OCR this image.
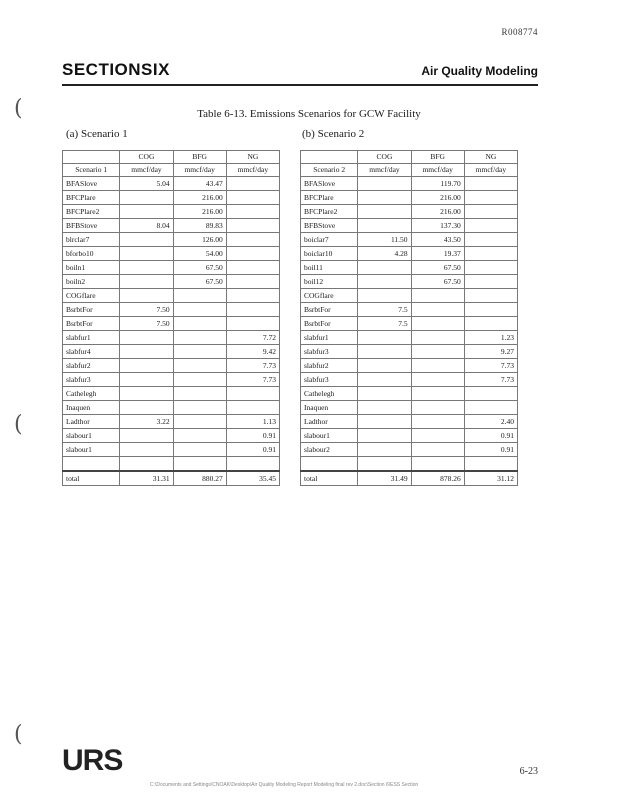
R008774
SECTIONSIX	Air Quality Modeling
(
(
(
Table 6-13. Emissions Scenarios for GCW Facility
(a) Scenario 1	(b) Scenario 2
	COG	BFG	NG
Scenario 1	mmcf/day	mmcf/day	mmcf/day
BFASlove	5.04	43.47	
BFCPlare		216.00	
BFCPlare2		216.00	
BFBStove	8.04	89.83	
blrclar7		126.00	
bforbo10		54.00	
boiln1		67.50	
boiln2		67.50	
COGflare			
BsrbtFor	7.50		
BsrbtFor	7.50		
slabfur1			7.72
slabfur4			9.42
slabfur2			7.73
slabfur3			7.73
Cathelegh			
Inaquen			
Ladthor	3.22		1.13
slabour1			0.91
slabour1			0.91

total	31.31	880.27	35.45
	COG	BFG	NG
Scenario 2	mmcf/day	mmcf/day	mmcf/day
BFASlove		119.70	
BFCPlare		216.00	
BFCPlare2		216.00	
BFBStove		137.30	
boiclar7	11.50	43.50	
boiclar10	4.28	19.37	
boil11		67.50	
boil12		67.50	
COGflare			
BsrbtFor	7.5		
BsrbtFor	7.5		
slabfur1			1.23
slabfur3			9.27
slabfur2			7.73
slabfur3			7.73
Cathelegh			
Inaquen			
Ladthor			2.40
slabour1			0.91
slabour2			0.91

total	31.49	878.26	31.12
URS	6-23
C:\Documents and Settings\CNOAK\Desktop\Air Quality Modeling Report Modeling final rev 2.doc\Section 6\ESS Section
